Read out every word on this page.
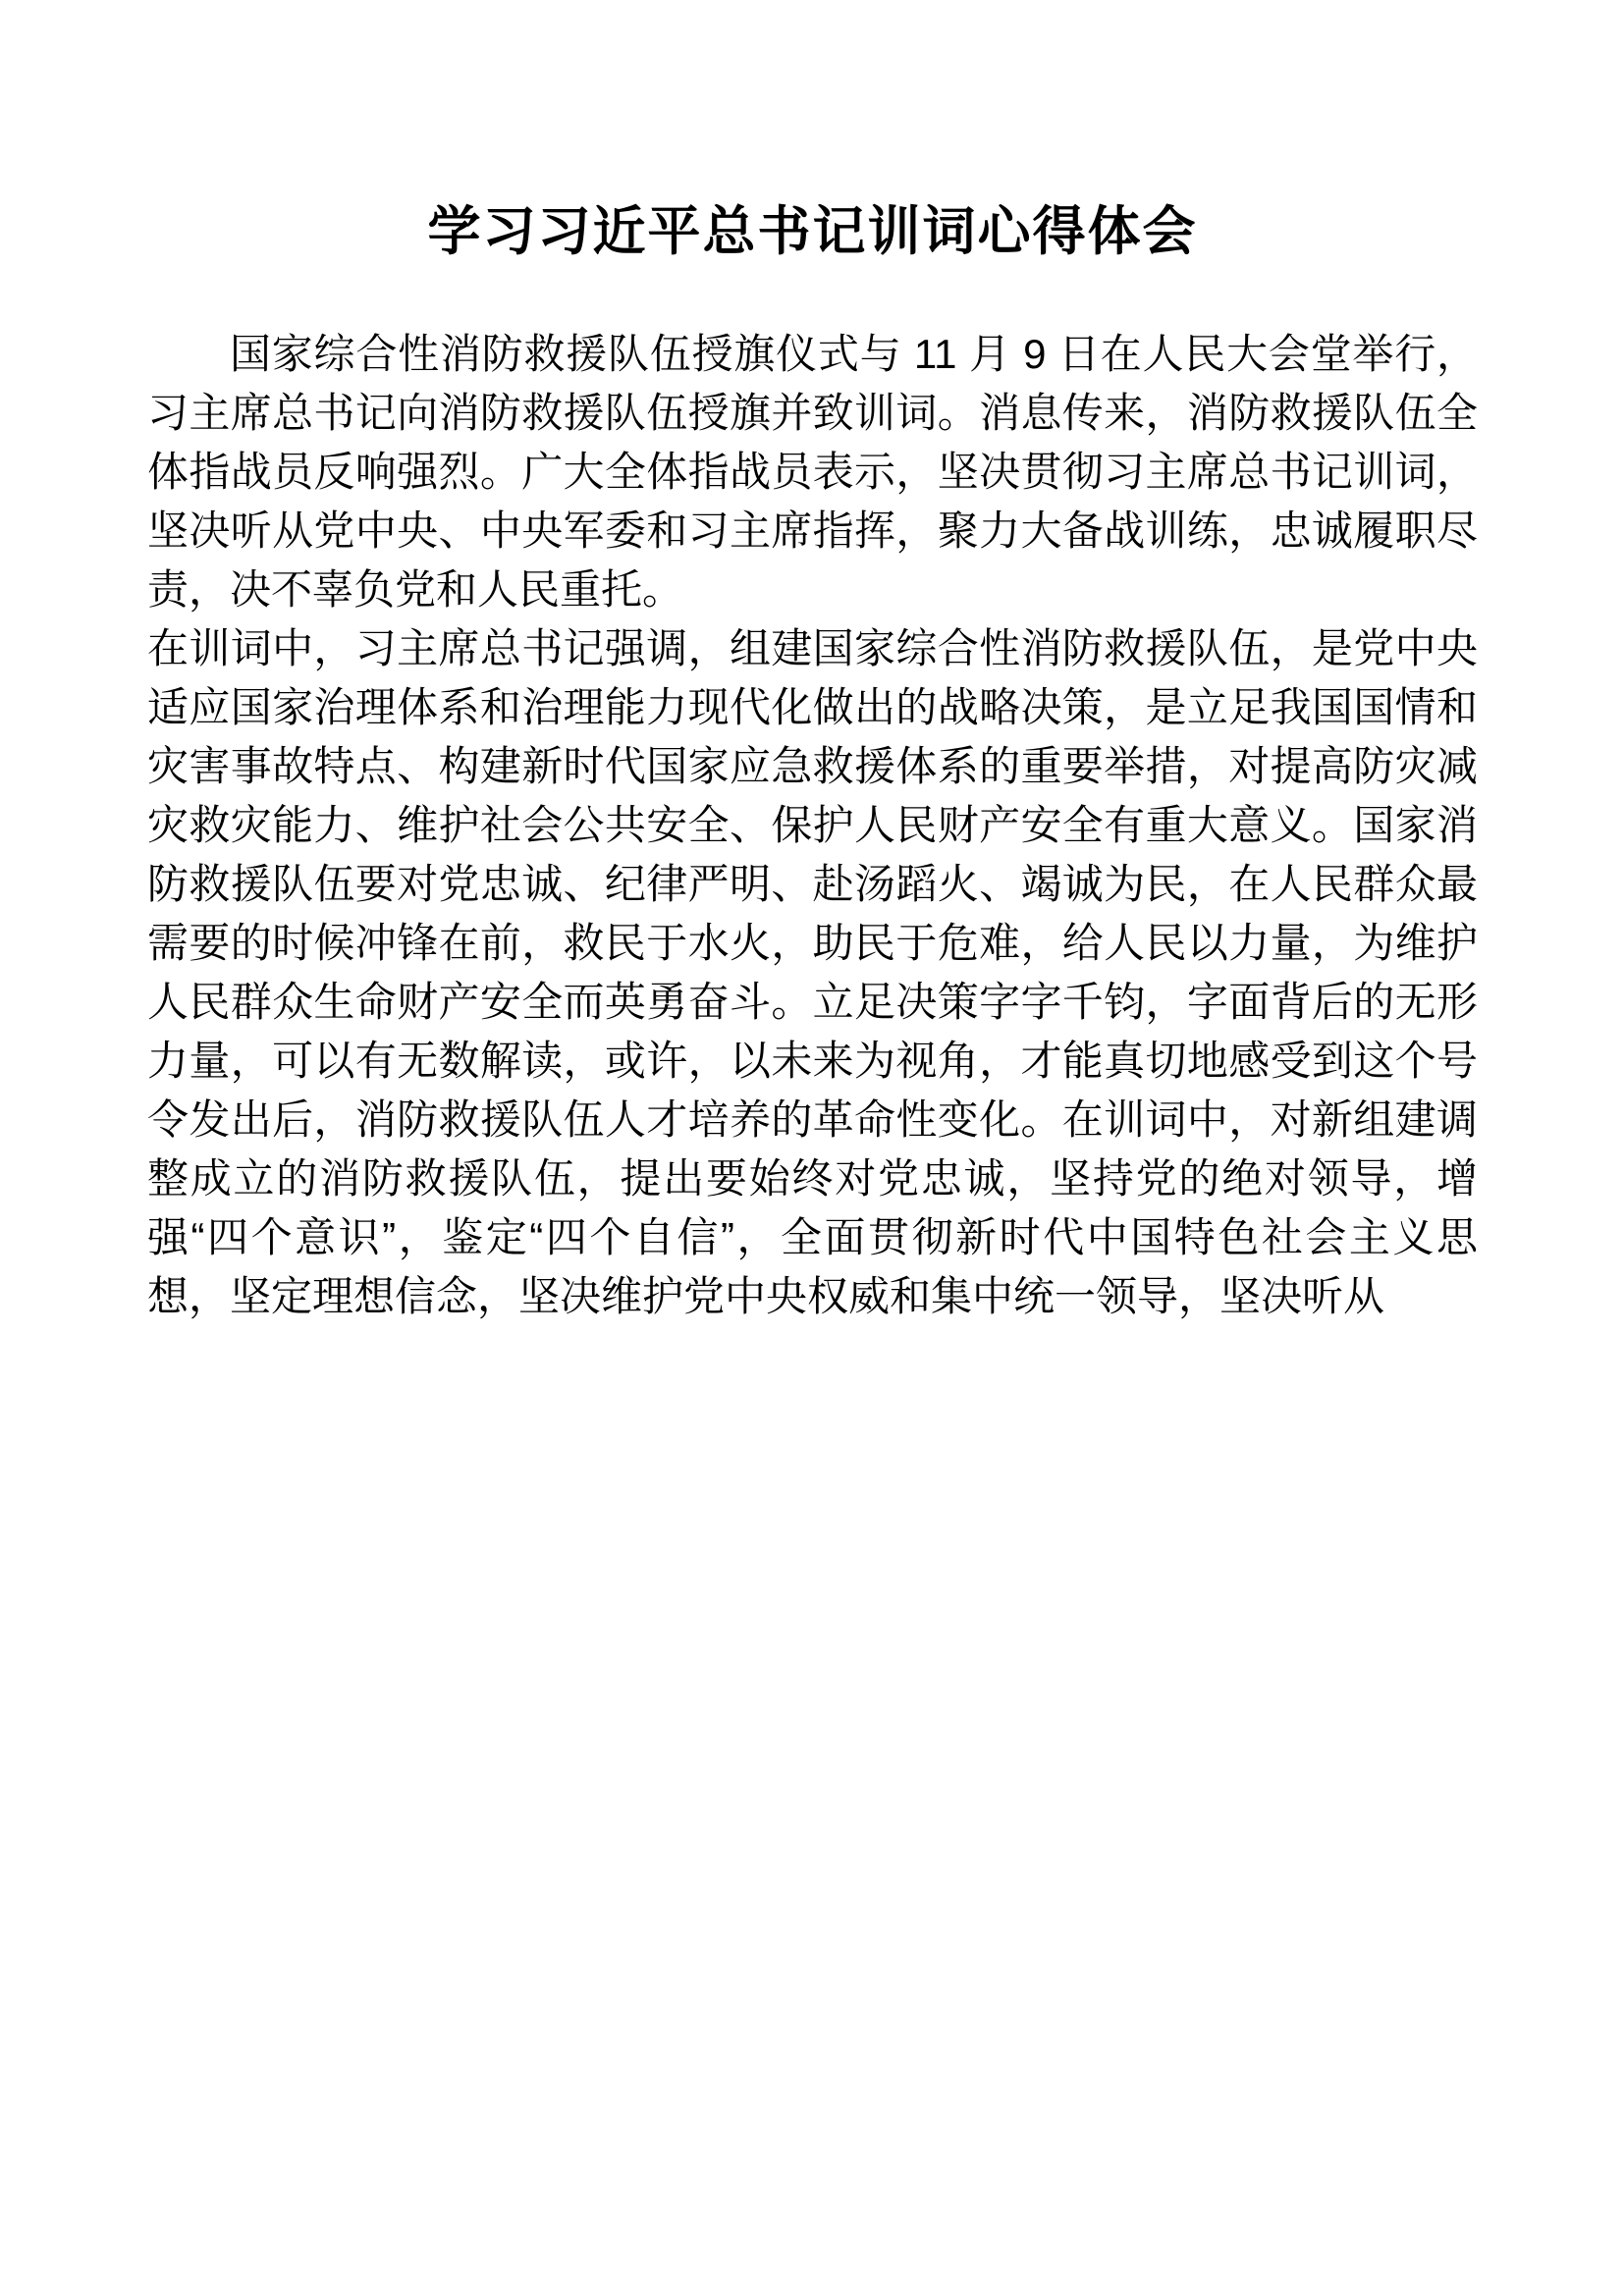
学习习近平总书记训词心得体会

国家综合性消防救援队伍授旗仪式与 11 月 9 日在人民大会堂举行，习主席总书记向消防救援队伍授旗并致训词。消息传来，消防救援队伍全体指战员反响强烈。广大全体指战员表示，坚决贯彻习主席总书记训词，坚决听从党中央、中央军委和习主席指挥，聚力大备战训练，忠诚履职尽责，决不辜负党和人民重托。

在训词中，习主席总书记强调，组建国家综合性消防救援队伍，是党中央适应国家治理体系和治理能力现代化做出的战略决策，是立足我国国情和灾害事故特点、构建新时代国家应急救援体系的重要举措，对提高防灾减灾救灾能力、维护社会公共安全、保护人民财产安全有重大意义。国家消防救援队伍要对党忠诚、纪律严明、赴汤蹈火、竭诚为民，在人民群众最需要的时候冲锋在前，救民于水火，助民于危难，给人民以力量，为维护人民群众生命财产安全而英勇奋斗。立足决策字字千钧，字面背后的无形力量，可以有无数解读，或许，以未来为视角，才能真切地感受到这个号令发出后，消防救援队伍人才培养的革命性变化。在训词中，对新组建调整成立的消防救援队伍，提出要始终对党忠诚，坚持党的绝对领导，增强“四个意识”，鉴定“四个自信”，全面贯彻新时代中国特色社会主义思想，坚定理想信念，坚决维护党中央权威和集中统一领导，坚决听从
